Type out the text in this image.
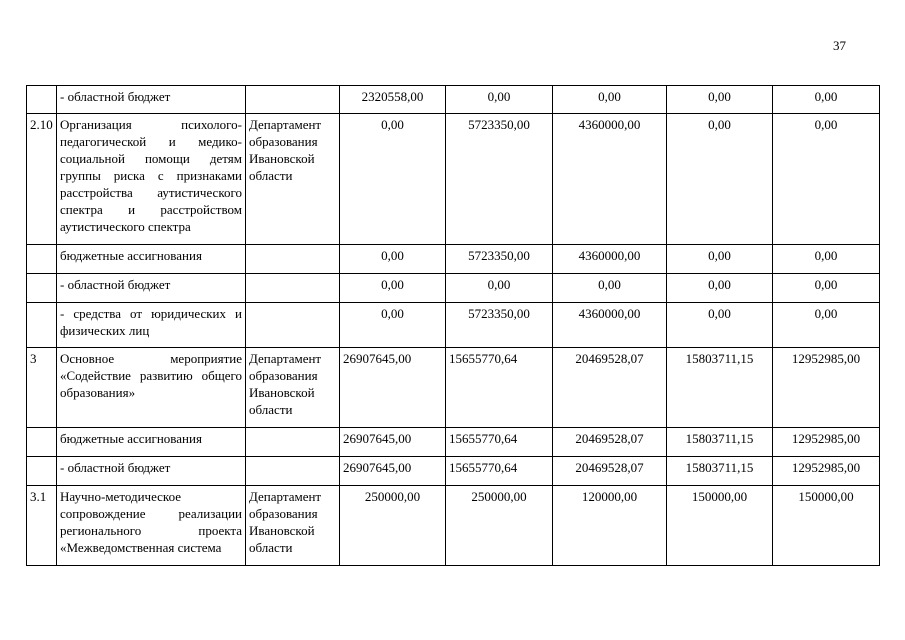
37
	- областной бюджет		2320558,00	0,00	0,00	0,00	0,00
2.10	Организация психолого-педагогической и медико-социальной помощи детям группы риска с признаками расстройства аутистического спектра и расстройством аутистического спектра	Департамент образования Ивановской области	0,00	5723350,00	4360000,00	0,00	0,00
	бюджетные ассигнования		0,00	5723350,00	4360000,00	0,00	0,00
	- областной бюджет		0,00	0,00	0,00	0,00	0,00
	- средства от юридических и физических лиц		0,00	5723350,00	4360000,00	0,00	0,00
3	Основное мероприятие «Содействие развитию общего образования»	Департамент образования Ивановской области	26907645,00	15655770,64	20469528,07	15803711,15	12952985,00
	бюджетные ассигнования		26907645,00	15655770,64	20469528,07	15803711,15	12952985,00
	- областной бюджет		26907645,00	15655770,64	20469528,07	15803711,15	12952985,00
3.1	Научно-методическое сопровождение реализации регионального проекта «Межведомственная система	Департамент образования Ивановской области	250000,00	250000,00	120000,00	150000,00	150000,00
